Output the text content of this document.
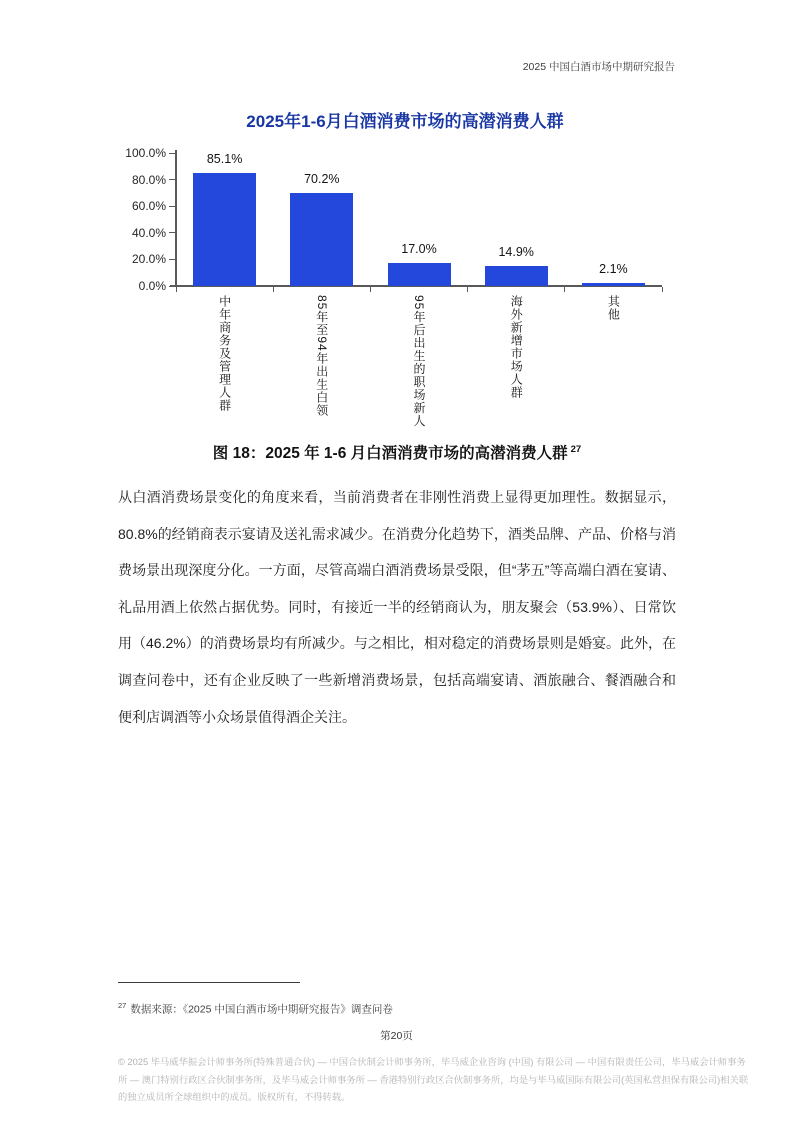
2025 中国白酒市场中期研究报告
2025年1-6月白酒消费市场的高潜消费人群
100.0%
80.0%
60.0%
40.0%
20.0%
0.0%
85.1%
中年商务及管理人群
70.2%
85年至94年出生白领
17.0%
95年后出生的职场新人
14.9%
海外新增市场人群
2.1%
其他
图 18：2025 年 1-6 月白酒消费市场的高潜消费人群 $^{27}$
从白酒消费场景变化的角度来看，当前消费者在非刚性消费上显得更加理性。数据显示，80.8%的经销商表示宴请及送礼需求减少。在消费分化趋势下，酒类品牌、产品、价格与消费场景出现深度分化。一方面，尽管高端白酒消费场景受限，但“茅五”等高端白酒在宴请、礼品用酒上依然占据优势。同时，有接近一半的经销商认为，朋友聚会（53.9%）、日常饮用（46.2%）的消费场景均有所减少。与之相比，相对稳定的消费场景则是婚宴。此外，在调查问卷中，还有企业反映了一些新增消费场景，包括高端宴请、酒旅融合、餐酒融合和便利店调酒等小众场景值得酒企关注。
$^{27}$ 数据来源：《2025 中国白酒市场中期研究报告》调查问卷
第20页
© 2025 毕马威华振会计师事务所(特殊普通合伙) — 中国合伙制会计师事务所，毕马威企业咨询 (中国) 有限公司 — 中国有限责任公司，毕马威会计师事务
所 — 澳门特别行政区合伙制事务所，及毕马威会计师事务所 — 香港特别行政区合伙制事务所，均是与毕马威国际有限公司(英国私营担保有限公司)相关联
的独立成员所全球组织中的成员。版权所有，不得转载。
